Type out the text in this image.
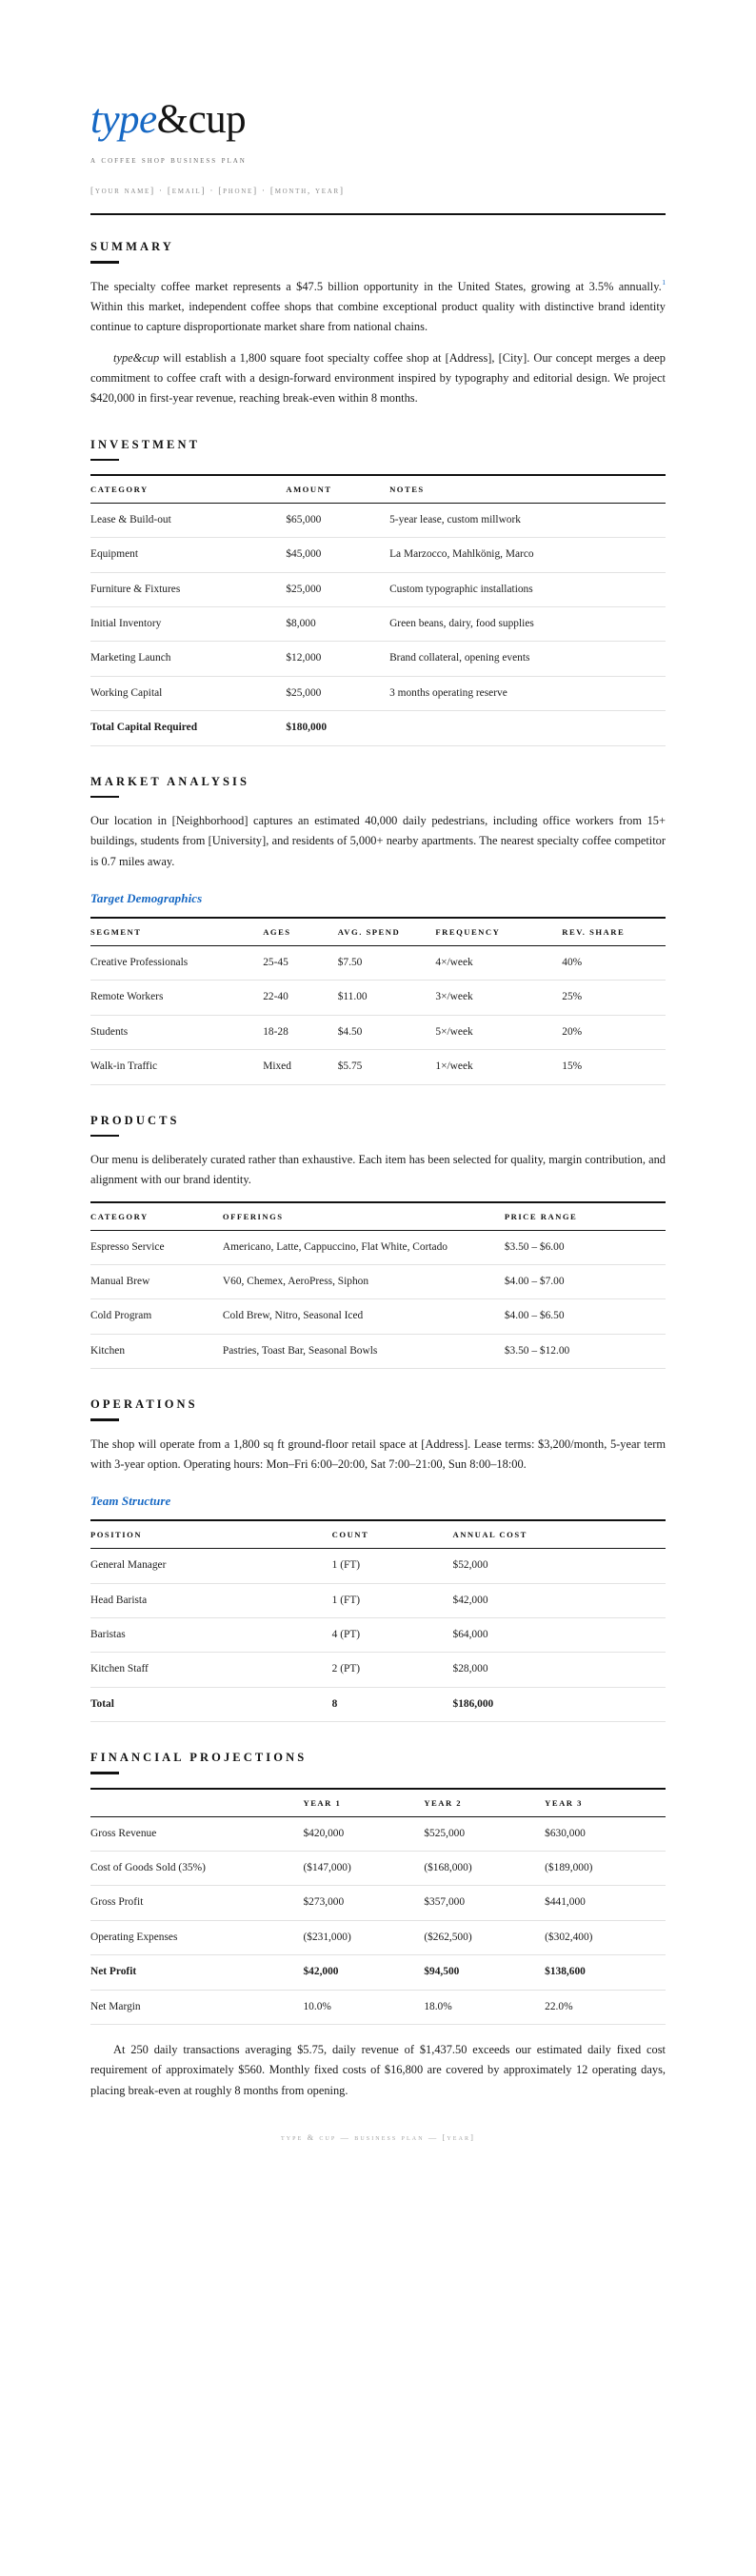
type&cup
a coffee shop business plan
[your name] · [email] · [phone] · [month, year]
SUMMARY

The specialty coffee market represents a $47.5 billion opportunity in the United States, growing at 3.5% annually.$^1$ Within this market, independent coffee shops that combine exceptional product quality with distinctive brand identity continue to capture disproportionate market share from national chains.

type&cup will establish a 1,800 square foot specialty coffee shop at [Address], [City]. Our concept merges a deep commitment to coffee craft with a design-forward environment inspired by typography and editorial design. We project $420,000 in first-year revenue, reaching break-even within 8 months.

INVESTMENT
CATEGORY	AMOUNT	NOTES
Lease & Build-out	$65,000	5-year lease, custom millwork
Equipment	$45,000	La Marzocco, Mahlkönig, Marco
Furniture & Fixtures	$25,000	Custom typographic installations
Initial Inventory	$8,000	Green beans, dairy, food supplies
Marketing Launch	$12,000	Brand collateral, opening events
Working Capital	$25,000	3 months operating reserve
Total Capital Required	$180,000	
MARKET ANALYSIS

Our location in [Neighborhood] captures an estimated 40,000 daily pedestrians, including office workers from 15+ buildings, students from [University], and residents of 5,000+ nearby apartments. The nearest specialty coffee competitor is 0.7 miles away.

Target Demographics
SEGMENT	AGES	AVG. SPEND	FREQUENCY	REV. SHARE
Creative Professionals	25-45	$7.50	4×/week	40%
Remote Workers	22-40	$11.00	3×/week	25%
Students	18-28	$4.50	5×/week	20%
Walk-in Traffic	Mixed	$5.75	1×/week	15%
PRODUCTS

Our menu is deliberately curated rather than exhaustive. Each item has been selected for quality, margin contribution, and alignment with our brand identity.

CATEGORY	OFFERINGS	PRICE RANGE
Espresso Service	Americano, Latte, Cappuccino, Flat White, Cortado	$3.50 – $6.00
Manual Brew	V60, Chemex, AeroPress, Siphon	$4.00 – $7.00
Cold Program	Cold Brew, Nitro, Seasonal Iced	$4.00 – $6.50
Kitchen	Pastries, Toast Bar, Seasonal Bowls	$3.50 – $12.00
OPERATIONS

The shop will operate from a 1,800 sq ft ground-floor retail space at [Address]. Lease terms: $3,200/month, 5-year term with 3-year option. Operating hours: Mon–Fri 6:00–20:00, Sat 7:00–21:00, Sun 8:00–18:00.

Team Structure
POSITION	COUNT	ANNUAL COST
General Manager	1 (FT)	$52,000
Head Barista	1 (FT)	$42,000
Baristas	4 (PT)	$64,000
Kitchen Staff	2 (PT)	$28,000
Total	8	$186,000
FINANCIAL PROJECTIONS
	YEAR 1	YEAR 2	YEAR 3
Gross Revenue	$420,000	$525,000	$630,000
Cost of Goods Sold (35%)	($147,000)	($168,000)	($189,000)
Gross Profit	$273,000	$357,000	$441,000
Operating Expenses	($231,000)	($262,500)	($302,400)
Net Profit	$42,000	$94,500	$138,600
Net Margin	10.0%	18.0%	22.0%

At 250 daily transactions averaging $5.75, daily revenue of $1,437.50 exceeds our estimated daily fixed cost requirement of approximately $560. Monthly fixed costs of $16,800 are covered by approximately 12 operating days, placing break-even at roughly 8 months from opening.

type & cup — business plan — [year]
